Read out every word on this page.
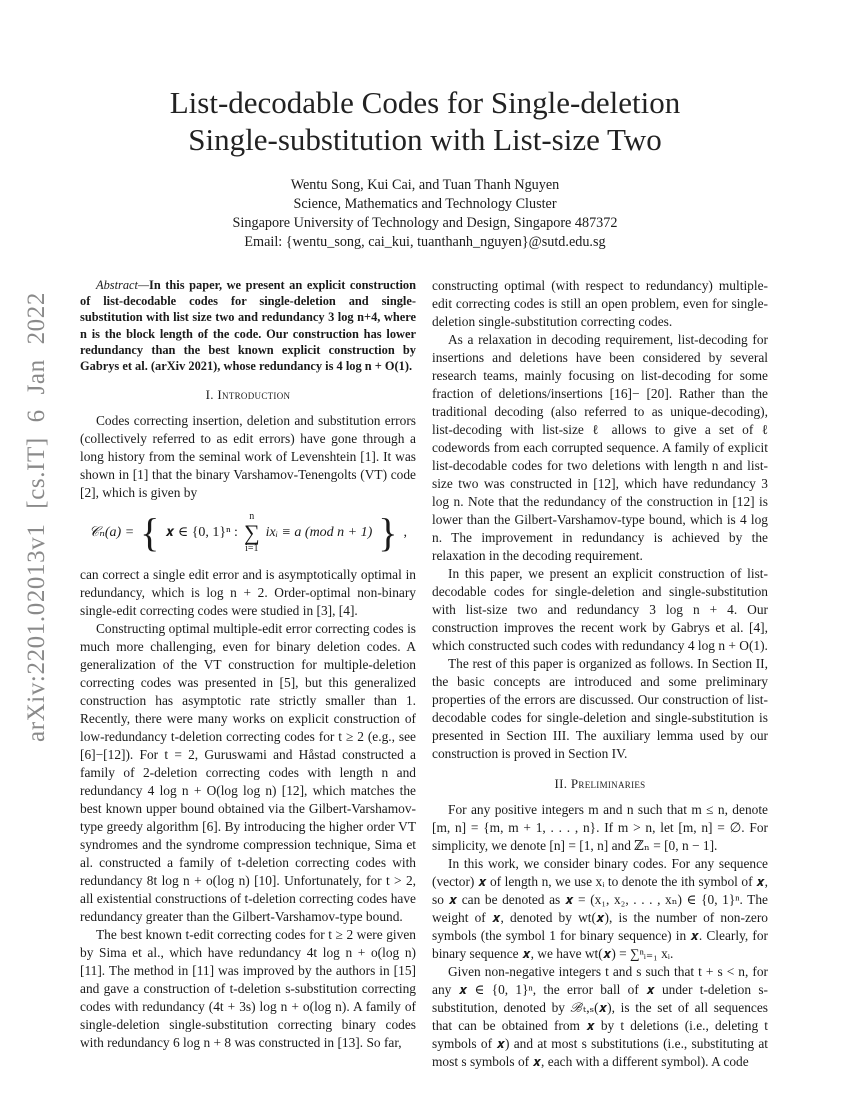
List-decodable Codes for Single-deletion
Single-substitution with List-size Two
Wentu Song, Kui Cai, and Tuan Thanh Nguyen
Science, Mathematics and Technology Cluster
Singapore University of Technology and Design, Singapore 487372
Email: {wentu_song, cai_kui, tuanthanh_nguyen}@sutd.edu.sg
arXiv:2201.02013v1 [cs.IT] 6 Jan 2022

Abstract—In this paper, we present an explicit construction of list-decodable codes for single-deletion and single-substitution with list size two and redundancy 3 log n+4, where n is the block length of the code. Our construction has lower redundancy than the best known explicit construction by Gabrys et al. (arXiv 2021), whose redundancy is 4 log n + O(1).

I. Introduction

Codes correcting insertion, deletion and substitution errors (collectively referred to as edit errors) have gone through a long history from the seminal work of Levenshtein [1]. It was shown in [1] that the binary Varshamov-Tenengolts (VT) code [2], which is given by

𝒞ₙ(a) = { 𝒙 ∈ {0, 1}ⁿ :
n
∑
i=1
ixᵢ ≡ a (mod n + 1) } ,

can correct a single edit error and is asymptotically optimal in redundancy, which is log n + 2. Order-optimal non-binary single-edit correcting codes were studied in [3], [4].

Constructing optimal multiple-edit error correcting codes is much more challenging, even for binary deletion codes. A generalization of the VT construction for multiple-deletion correcting codes was presented in [5], but this generalized construction has asymptotic rate strictly smaller than 1. Recently, there were many works on explicit construction of low-redundancy t-deletion correcting codes for t ≥ 2 (e.g., see [6]−[12]). For t = 2, Guruswami and Håstad constructed a family of 2-deletion correcting codes with length n and redundancy 4 log n + O(log log n) [12], which matches the best known upper bound obtained via the Gilbert-Varshamov-type greedy algorithm [6]. By introducing the higher order VT syndromes and the syndrome compression technique, Sima et al. constructed a family of t-deletion correcting codes with redundancy 8t log n + o(log n) [10]. Unfortunately, for t > 2, all existential constructions of t-deletion correcting codes have redundancy greater than the Gilbert-Varshamov-type bound.

The best known t-edit correcting codes for t ≥ 2 were given by Sima et al., which have redundancy 4t log n + o(log n) [11]. The method in [11] was improved by the authors in [15] and gave a construction of t-deletion s-substitution correcting codes with redundancy (4t + 3s) log n + o(log n). A family of single-deletion single-substitution correcting binary codes with redundancy 6 log n + 8 was constructed in [13]. So far,

constructing optimal (with respect to redundancy) multiple-edit correcting codes is still an open problem, even for single-deletion single-substitution correcting codes.

As a relaxation in decoding requirement, list-decoding for insertions and deletions have been considered by several research teams, mainly focusing on list-decoding for some fraction of deletions/insertions [16]− [20]. Rather than the traditional decoding (also referred to as unique-decoding), list-decoding with list-size ℓ allows to give a set of ℓ codewords from each corrupted sequence. A family of explicit list-decodable codes for two deletions with length n and list-size two was constructed in [12], which have redundancy 3 log n. Note that the redundancy of the construction in [12] is lower than the Gilbert-Varshamov-type bound, which is 4 log n. The improvement in redundancy is achieved by the relaxation in the decoding requirement.

In this paper, we present an explicit construction of list-decodable codes for single-deletion and single-substitution with list-size two and redundancy 3 log n + 4. Our construction improves the recent work by Gabrys et al. [4], which constructed such codes with redundancy 4 log n + O(1).

The rest of this paper is organized as follows. In Section II, the basic concepts are introduced and some preliminary properties of the errors are discussed. Our construction of list-decodable codes for single-deletion and single-substitution is presented in Section III. The auxiliary lemma used by our construction is proved in Section IV.

II. Preliminaries

For any positive integers m and n such that m ≤ n, denote [m, n] = {m, m + 1, . . . , n}. If m > n, let [m, n] = ∅. For simplicity, we denote [n] = [1, n] and ℤₙ = [0, n − 1].

In this work, we consider binary codes. For any sequence (vector) 𝒙 of length n, we use xᵢ to denote the ith symbol of 𝒙, so 𝒙 can be denoted as 𝒙 = (x₁, x₂, . . . , xₙ) ∈ {0, 1}ⁿ. The weight of 𝒙, denoted by wt(𝒙), is the number of non-zero symbols (the symbol 1 for binary sequence) in 𝒙. Clearly, for binary sequence 𝒙, we have wt(𝒙) = ∑ⁿᵢ₌₁ xᵢ.

Given non-negative integers t and s such that t + s < n, for any 𝒙 ∈ {0, 1}ⁿ, the error ball of 𝒙 under t-deletion s-substitution, denoted by ℬₜ,ₛ(𝒙), is the set of all sequences that can be obtained from 𝒙 by t deletions (i.e., deleting t symbols of 𝒙) and at most s substitutions (i.e., substituting at most s symbols of 𝒙, each with a different symbol). A code
